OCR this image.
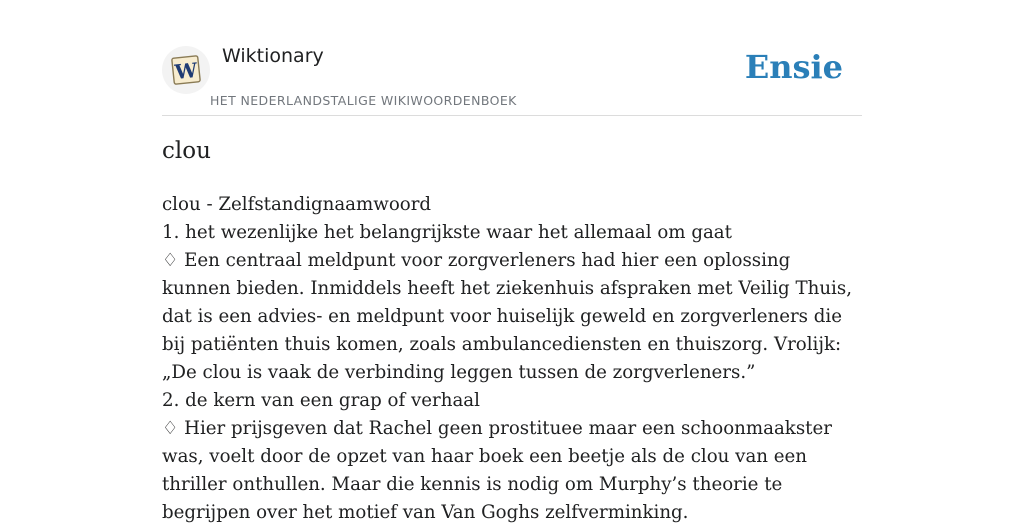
W
Wiktionary
HET NEDERLANDSTALIGE WIKIWOORDENBOEK
Ensie
clou

clou - Zelfstandignaamwoord

1. het wezenlijke het belangrijkste waar het allemaal om gaat

♢ Een centraal meldpunt voor zorgverleners had hier een oplossing kunnen bieden. Inmiddels heeft het ziekenhuis afspraken met Veilig Thuis, dat is een advies- en meldpunt voor huiselijk geweld en zorgverleners die bij patiënten thuis komen, zoals ambulancediensten en thuiszorg. Vrolijk: „De clou is vaak de verbinding leggen tussen de zorgverleners.”

2. de kern van een grap of verhaal

♢ Hier prijsgeven dat Rachel geen prostituee maar een schoonmaakster was, voelt door de opzet van haar boek een beetje als de clou van een thriller onthullen. Maar die kennis is nodig om Murphy’s theorie te begrijpen over het motief van Van Goghs zelfverminking.
